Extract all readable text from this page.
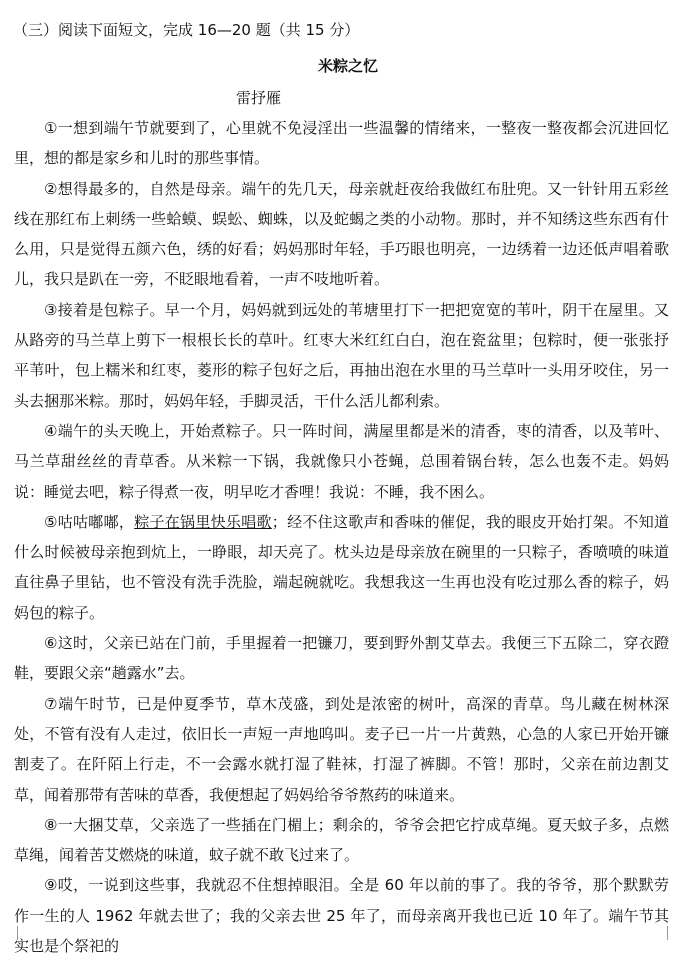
（三）阅读下面短文，完成 16—20 题（共 15 分）
米粽之忆
雷抒雁

①一想到端午节就要到了，心里就不免浸淫出一些温馨的情绪来，一整夜一整夜都会沉进回忆里，想的都是家乡和儿时的那些事情。

②想得最多的，自然是母亲。端午的先几天，母亲就赶夜给我做红布肚兜。又一针针用五彩丝线在那红布上刺绣一些蛤蟆、蜈蚣、蜘蛛，以及蛇蝎之类的小动物。那时，并不知绣这些东西有什么用，只是觉得五颜六色，绣的好看；妈妈那时年轻，手巧眼也明亮，一边绣着一边还低声唱着歌儿，我只是趴在一旁，不眨眼地看着，一声不吱地听着。

③接着是包粽子。早一个月，妈妈就到远处的苇塘里打下一把把宽宽的苇叶，阴干在屋里。又从路旁的马兰草上剪下一根根长长的草叶。红枣大米红红白白，泡在瓷盆里；包粽时，便一张张抒平苇叶，包上糯米和红枣，菱形的粽子包好之后，再抽出泡在水里的马兰草叶一头用牙咬住，另一头去捆那米粽。那时，妈妈年轻，手脚灵活，干什么活儿都利索。

④端午的头天晚上，开始煮粽子。只一阵时间，满屋里都是米的清香，枣的清香，以及苇叶、马兰草甜丝丝的青草香。从米粽一下锅，我就像只小苍蝇，总围着锅台转，怎么也轰不走。妈妈说：睡觉去吧，粽子得煮一夜，明早吃才香哩！我说：不睡，我不困么。

⑤咕咕嘟嘟，粽子在锅里快乐唱歌；经不住这歌声和香味的催促，我的眼皮开始打架。不知道什么时候被母亲抱到炕上，一睁眼，却天亮了。枕头边是母亲放在碗里的一只粽子，香喷喷的味道直往鼻子里钻，也不管没有洗手洗脸，端起碗就吃。我想我这一生再也没有吃过那么香的粽子，妈妈包的粽子。

⑥这时，父亲已站在门前，手里握着一把镰刀，要到野外割艾草去。我便三下五除二，穿衣蹬鞋，要跟父亲“趟露水”去。

⑦端午时节，已是仲夏季节，草木茂盛，到处是浓密的树叶，高深的青草。鸟儿藏在树林深处，不管有没有人走过，依旧长一声短一声地呜叫。麦子已一片一片黄熟，心急的人家已开始开镰割麦了。在阡陌上行走，不一会露水就打湿了鞋袜，打湿了裤脚。不管！那时，父亲在前边割艾草，闻着那带有苦味的草香，我便想起了妈妈给爷爷熬药的味道来。

⑧一大捆艾草，父亲选了一些插在门楣上；剩余的，爷爷会把它拧成草绳。夏天蚊子多，点燃草绳，闻着苦艾燃烧的味道，蚊子就不敢飞过来了。

⑨哎，一说到这些事，我就忍不住想掉眼泪。全是 60 年以前的事了。我的爷爷，那个默默劳作一生的人 1962 年就去世了；我的父亲去世 25 年了，而母亲离开我也已近 10 年了。端午节其实也是个祭祀的
